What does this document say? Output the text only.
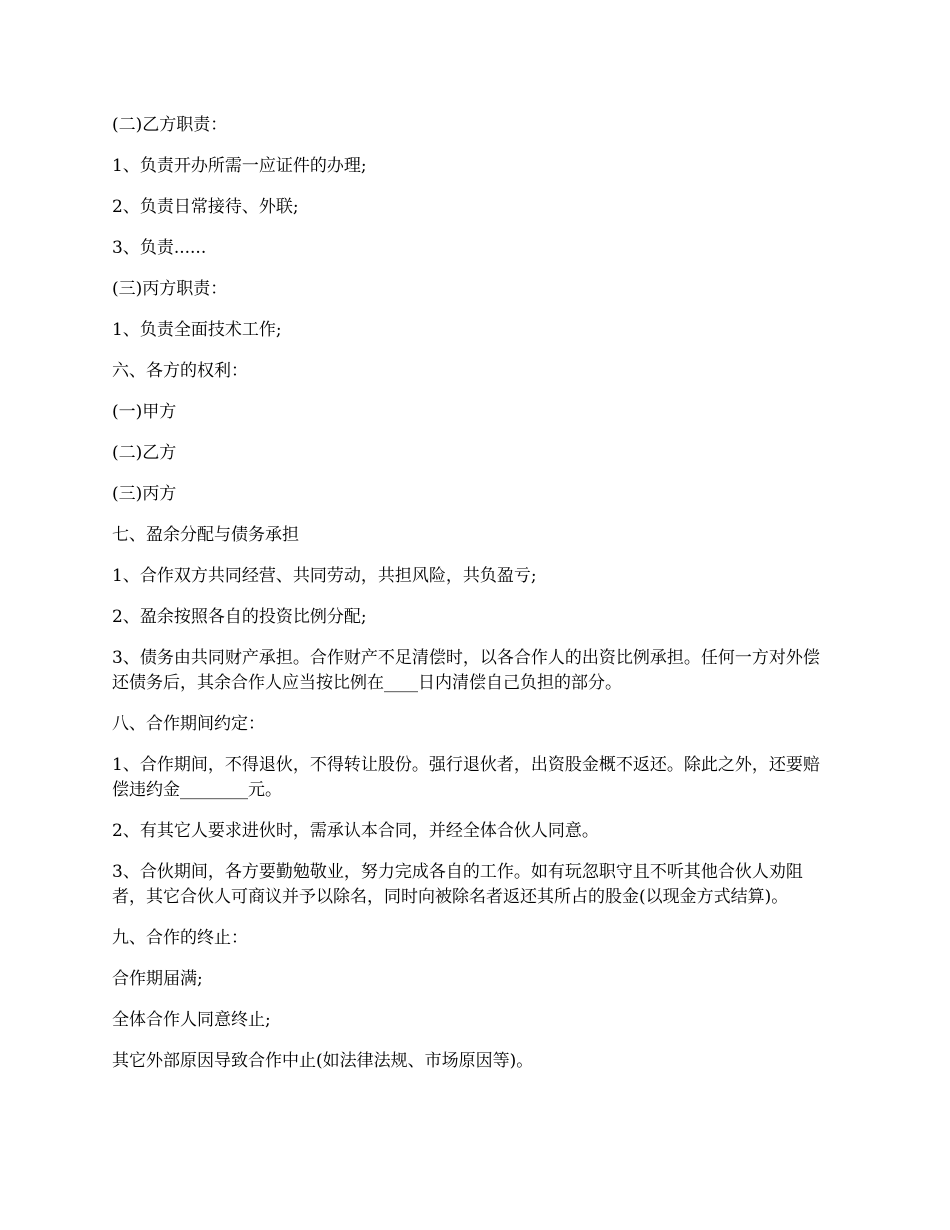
(二)乙方职责：

1、负责开办所需一应证件的办理;

2、负责日常接待、外联;

3、负责......

(三)丙方职责：

1、负责全面技术工作;

六、各方的权利：

(一)甲方

(二)乙方

(三)丙方

七、盈余分配与债务承担

1、合作双方共同经营、共同劳动，共担风险，共负盈亏;

2、盈余按照各自的投资比例分配;

3、债务由共同财产承担。合作财产不足清偿时，以各合作人的出资比例承担。任何一方对外偿还债务后，其余合作人应当按比例在____日内清偿自己负担的部分。

八、合作期间约定：

1、合作期间，不得退伙，不得转让股份。强行退伙者，出资股金概不返还。除此之外，还要赔偿违约金________元。

2、有其它人要求进伙时，需承认本合同，并经全体合伙人同意。

3、合伙期间，各方要勤勉敬业，努力完成各自的工作。如有玩忽职守且不听其他合伙人劝阻者，其它合伙人可商议并予以除名，同时向被除名者返还其所占的股金(以现金方式结算)。

九、合作的终止：

合作期届满;

全体合作人同意终止;

其它外部原因导致合作中止(如法律法规、市场原因等)。
